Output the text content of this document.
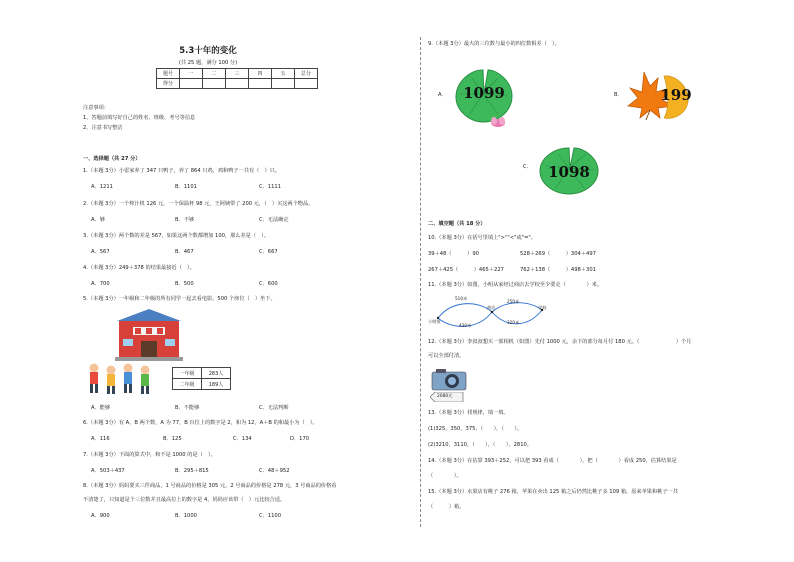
5.3十年的变化
(共 25 题，满分 100 分)
题号	一	二	三	四	五	总分
得分						
注意事项：
1、答题前填写好自己的姓名、班级、考号等信息
2、注意书写整洁
一、选择题（共 27 分）
1.（本题 3分）小雷家养了 347 只鸭子，养了 864 只鸡，鸡和鸭子一共有（　）只。
A．1211	B．1101	C．1111
2.（本题 3分）一个榨汁机 126 元，一个保温杯 98 元，王阿姨带了 200 元，（　）买这两个物品。
A．够	B．不够	C．无法确定
3.（本题 3分）两个数的差是 567，如果这两个数都增加 100，那么差是（　）。
A．567	B．467	C．667
4.（本题 3分）249＋378 的结果最接近（　）。
A．700	B．500	C．600
5.（本题 3分）一年级和二年级的所有同学一起去看电影。500 个座位（　）坐下。
一年级	283人
二年级	189人
A．能够	B．不能够	C．无法判断
6.（本题 3分）有 A、B 两个数，A 为 77，B 百位上的数字是 2，和为 12，A＋B 的和最小为（　）。
A．116	B．125	C．134	D．170
7.（本题 3分）下面的算式中，和不是 1000 的是（　）。
A．503＋437	B．295＋815	C．48＋952
8.（本题 3分）妈妈要买三件商品，1 号商品的价格是 305 元，2 号商品的价格是 278 元，3 号商品的价格看
不清楚了，只知道是个三位数并且最高位上的数字是 4，妈妈应该带（　）元比较合适。
A．900	B．1000	C．1100
9.（本题 3分）最大的三位数与最小的四位数相差（　）。
A．	1099	B．	199
C．	1098
二、填空题（共 18 分）
10.（本题 3分）在括号里填上">""<"或"="。
39＋48（　　　）90	528＋269（　　　）304＋497
267＋425（　　　）465＋227	762＋138（　　　）498＋301
11.（本题 3分）如图，小明从家经过商店去学校至少要走（　　　　）米。
小明家
商店	学校
510米
430米
250米
320米
12.（本题 3分）李叔叔想买一部相机（如图）先付 1000 元，余下的部分每月付 180 元。（　　　　　　　）个月
可以全部付清。
2080元
13.（本题 3分）找规律，填一填。
(1)325，350，375，（　　），（　　）。
(2)3210，3110，（　　），（　　），2810。
14.（本题 3分）在估算 393＋252，可以把 393 看成（　　　　），把（　　　　）看成 250，估算结果是
（　　　　）。
15.（本题 3分）水果店有桃子 276 箱，苹果在卖出 125 箱之后仍然比桃子多 109 箱，原来苹果和桃子一共
（　　　）箱。
